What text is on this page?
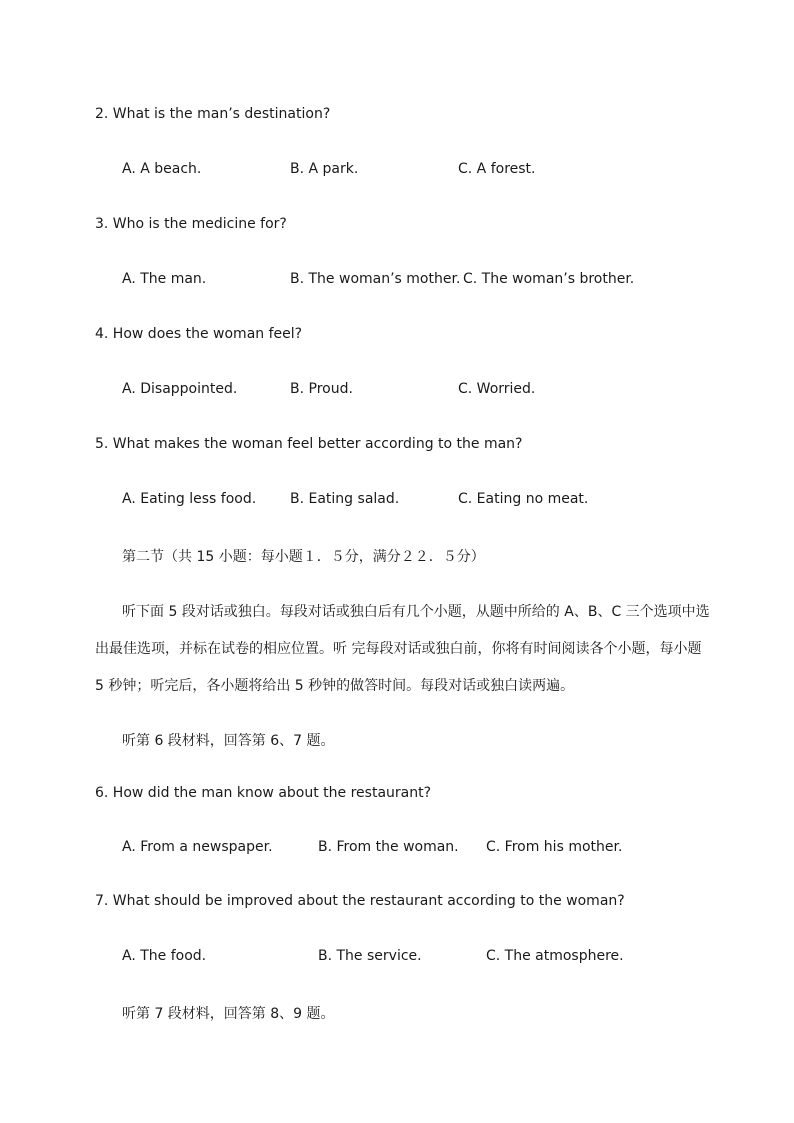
2. What is the man’s destination?
A. A beach.	B. A park.	C. A forest.
3. Who is the medicine for?
A. The man.	B. The woman’s mother. C. The woman’s brother.
4. How does the woman feel?
A. Disappointed.	B. Proud.	C. Worried.
5. What makes the woman feel better according to the man?
A. Eating less food. B. Eating salad.	C. Eating no meat.
第二节（共 15 小题：每小题１．５分，满分２２．５分）
听下面 5 段对话或独白。每段对话或独白后有几个小题，从题中所给的 A、B、C 三个选项中选
出最佳选项，并标在试卷的相应位置。听 完每段对话或独白前，你将有时间阅读各个小题，每小题
5 秒钟；听完后，各小题将给出 5 秒钟的做答时间。每段对话或独白读两遍。
听第 6 段材料，回答第 6、7 题。
6. How did the man know about the restaurant?
A. From a newspaper.	B. From the woman. C. From his mother.
7. What should be improved about the restaurant according to the woman?
A. The food.	B. The service.	C. The atmosphere.
听第 7 段材料，回答第 8、9 题。
